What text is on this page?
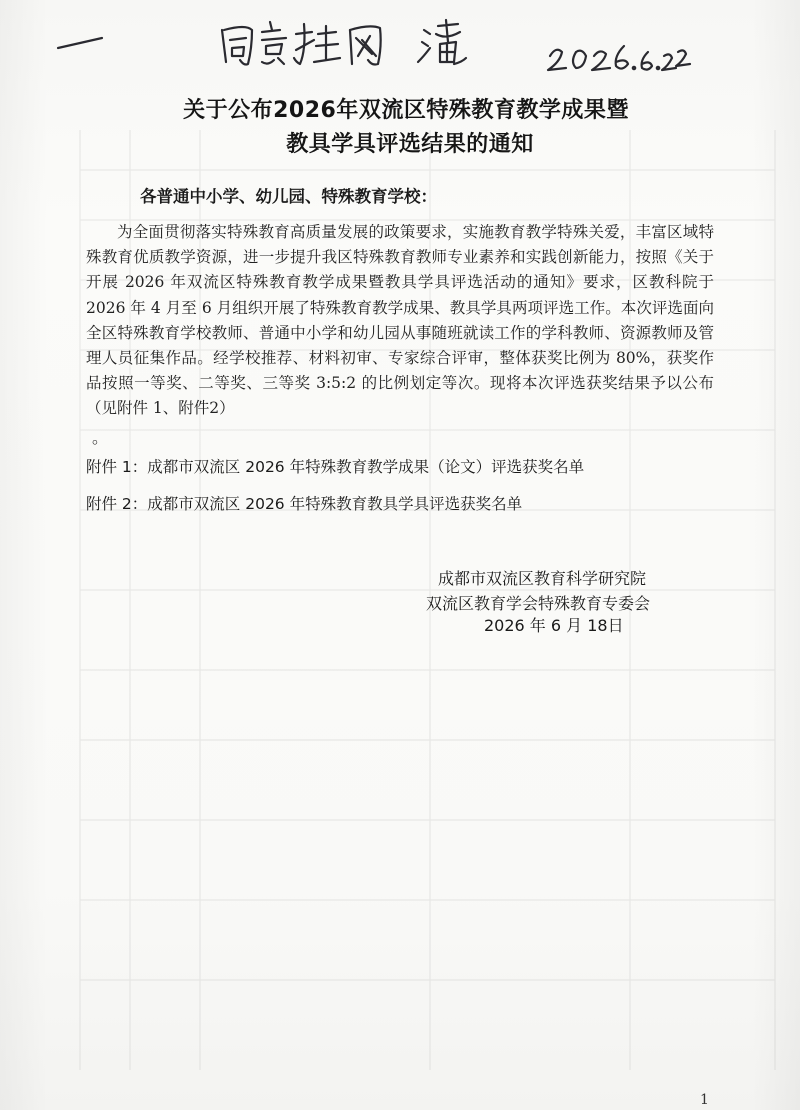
关于公布2026年双流区特殊教育教学成果暨
教具学具评选结果的通知
各普通中小学、幼儿园、特殊教育学校：

为全面贯彻落实特殊教育高质量发展的政策要求，实施教育教学特殊关爱，丰富区域特殊教育优质教学资源，进一步提升我区特殊教育教师专业素养和实践创新能力，按照《关于开展 2026 年双流区特殊教育教学成果暨教具学具评选活动的通知》要求，区教科院于 2026 年 4 月至 6 月组织开展了特殊教育教学成果、教具学具两项评选工作。本次评选面向全区特殊教育学校教师、普通中小学和幼儿园从事随班就读工作的学科教师、资源教师及管理人员征集作品。经学校推荐、材料初审、专家综合评审，整体获奖比例为 80%，获奖作品按照一等奖、二等奖、三等奖 3:5:2 的比例划定等次。现将本次评选获奖结果予以公布（见附件 1、附件2）

。
附件 1：成都市双流区 2026 年特殊教育教学成果（论文）评选获奖名单
附件 2：成都市双流区 2026 年特殊教育教具学具评选获奖名单
成都市双流区教育科学研究院
双流区教育学会特殊教育专委会
2026 年 6 月 18日
1
